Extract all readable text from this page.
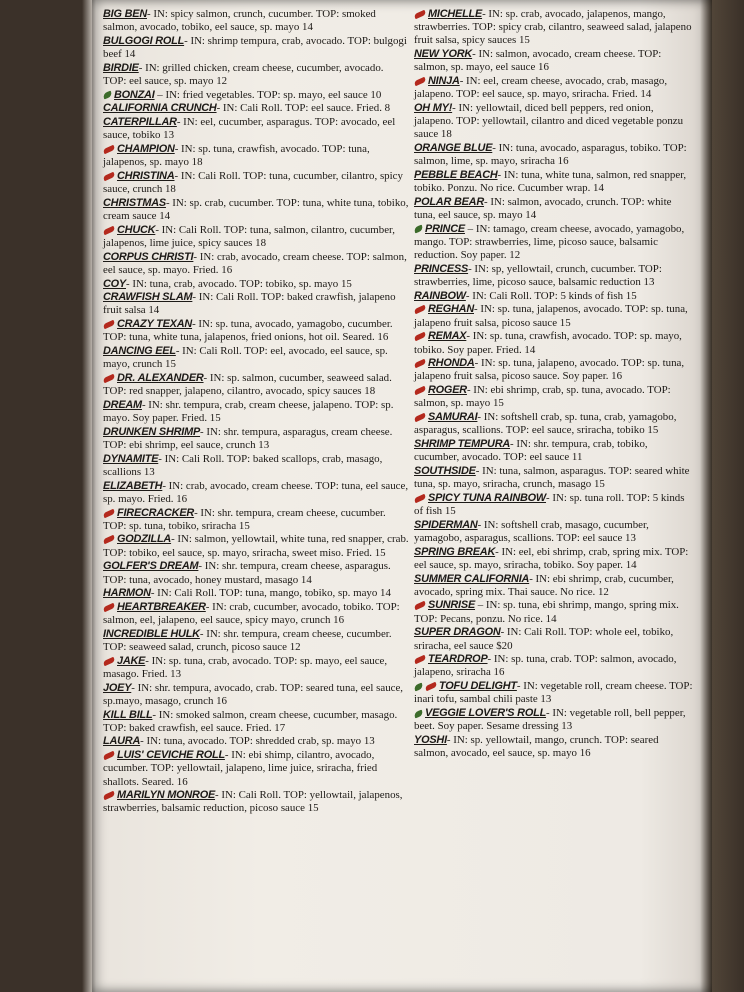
BIG BEN- IN: spicy salmon, crunch, cucumber. TOP: smoked salmon, avocado, tobiko, eel sauce, sp. mayo 14
BULGOGI ROLL- IN: shrimp tempura, crab, avocado. TOP: bulgogi beef 14
BIRDIE- IN: grilled chicken, cream cheese, cucumber, avocado. TOP: eel sauce, sp. mayo 12
BONZAI – IN: fried vegetables. TOP: sp. mayo, eel sauce 10
CALIFORNIA CRUNCH- IN: Cali Roll. TOP: eel sauce. Fried. 8
CATERPILLAR- IN: eel, cucumber, asparagus. TOP: avocado, eel sauce, tobiko 13
CHAMPION- IN: sp. tuna, crawfish, avocado. TOP: tuna, jalapenos, sp. mayo 18
CHRISTINA- IN: Cali Roll. TOP: tuna, cucumber, cilantro, spicy sauce, crunch 18
CHRISTMAS- IN: sp. crab, cucumber. TOP: tuna, white tuna, tobiko, cream sauce 14
CHUCK- IN: Cali Roll. TOP: tuna, salmon, cilantro, cucumber, jalapenos, lime juice, spicy sauces 18
CORPUS CHRISTI- IN: crab, avocado, cream cheese. TOP: salmon, eel sauce, sp. mayo. Fried. 16
COY- IN: tuna, crab, avocado. TOP: tobiko, sp. mayo 15
CRAWFISH SLAM- IN: Cali Roll. TOP: baked crawfish, jalapeno fruit salsa 14
CRAZY TEXAN- IN: sp. tuna, avocado, yamagobo, cucumber. TOP: tuna, white tuna, jalapenos, fried onions, hot oil. Seared. 16
DANCING EEL- IN: Cali Roll. TOP: eel, avocado, eel sauce, sp. mayo, crunch 15
DR. ALEXANDER- IN: sp. salmon, cucumber, seaweed salad. TOP: red snapper, jalapeno, cilantro, avocado, spicy sauces 18
DREAM- IN: shr. tempura, crab, cream cheese, jalapeno. TOP: sp. mayo. Soy paper. Fried. 15
DRUNKEN SHRIMP- IN: shr. tempura, asparagus, cream cheese. TOP: ebi shrimp, eel sauce, crunch 13
DYNAMITE- IN: Cali Roll. TOP: baked scallops, crab, masago, scallions 13
ELIZABETH- IN: crab, avocado, cream cheese. TOP: tuna, eel sauce, sp. mayo. Fried. 16
FIRECRACKER- IN: shr. tempura, cream cheese, cucumber. TOP: sp. tuna, tobiko, sriracha 15
GODZILLA- IN: salmon, yellowtail, white tuna, red snapper, crab. TOP: tobiko, eel sauce, sp. mayo, sriracha, sweet miso. Fried. 15
GOLFER'S DREAM- IN: shr. tempura, cream cheese, asparagus. TOP: tuna, avocado, honey mustard, masago 14
HARMON- IN: Cali Roll. TOP: tuna, mango, tobiko, sp. mayo 14
HEARTBREAKER- IN: crab, cucumber, avocado, tobiko. TOP: salmon, eel, jalapeno, eel sauce, spicy mayo, crunch 16
INCREDIBLE HULK- IN: shr. tempura, cream cheese, cucumber. TOP: seaweed salad, crunch, picoso sauce 12
JAKE- IN: sp. tuna, crab, avocado. TOP: sp. mayo, eel sauce, masago. Fried. 13
JOEY- IN: shr. tempura, avocado, crab. TOP: seared tuna, eel sauce, sp.mayo, masago, crunch 16
KILL BILL- IN: smoked salmon, cream cheese, cucumber, masago. TOP: baked crawfish, eel sauce. Fried. 17
LAURA- IN: tuna, avocado. TOP: shredded crab, sp. mayo 13
LUIS' CEVICHE ROLL- IN: ebi shimp, cilantro, avocado, cucumber. TOP: yellowtail, jalapeno, lime juice, sriracha, fried shallots. Seared. 16
MARILYN MONROE- IN: Cali Roll. TOP: yellowtail, jalapenos, strawberries, balsamic reduction, picoso sauce 15
MICHELLE- IN: sp. crab, avocado, jalapenos, mango, strawberries. TOP: spicy crab, cilantro, seaweed salad, jalapeno fruit salsa, spicy sauces 15
NEW YORK- IN: salmon, avocado, cream cheese. TOP: salmon, sp. mayo, eel sauce 16
NINJA- IN: eel, cream cheese, avocado, crab, masago, jalapeno. TOP: eel sauce, sp. mayo, sriracha. Fried. 14
OH MY!- IN: yellowtail, diced bell peppers, red onion, jalapeno. TOP: yellowtail, cilantro and diced vegetable ponzu sauce 18
ORANGE BLUE- IN: tuna, avocado, asparagus, tobiko. TOP: salmon, lime, sp. mayo, sriracha 16
PEBBLE BEACH- IN: tuna, white tuna, salmon, red snapper, tobiko. Ponzu. No rice. Cucumber wrap. 14
POLAR BEAR- IN: salmon, avocado, crunch. TOP: white tuna, eel sauce, sp. mayo 14
PRINCE – IN: tamago, cream cheese, avocado, yamagobo, mango. TOP: strawberries, lime, picoso sauce, balsamic reduction. Soy paper. 12
PRINCESS- IN: sp, yellowtail, crunch, cucumber. TOP: strawberries, lime, picoso sauce, balsamic reduction 13
RAINBOW- IN: Cali Roll. TOP: 5 kinds of fish 15
REGHAN- IN: sp. tuna, jalapenos, avocado. TOP: sp. tuna, jalapeno fruit salsa, picoso sauce 15
REMAX- IN: sp. tuna, crawfish, avocado. TOP: sp. mayo, tobiko. Soy paper. Fried. 14
RHONDA- IN: sp. tuna, jalapeno, avocado. TOP: sp. tuna, jalapeno fruit salsa, picoso sauce. Soy paper. 16
ROGER- IN: ebi shrimp, crab, sp. tuna, avocado. TOP: salmon, sp. mayo 15
SAMURAI- IN: softshell crab, sp. tuna, crab, yamagobo, asparagus, scallions. TOP: eel sauce, sriracha, tobiko 15
SHRIMP TEMPURA- IN: shr. tempura, crab, tobiko, cucumber, avocado. TOP: eel sauce 11
SOUTHSIDE- IN: tuna, salmon, asparagus. TOP: seared white tuna, sp. mayo, sriracha, crunch, masago 15
SPICY TUNA RAINBOW- IN: sp. tuna roll. TOP: 5 kinds of fish 15
SPIDERMAN- IN: softshell crab, masago, cucumber, yamagobo, asparagus, scallions. TOP: eel sauce 13
SPRING BREAK- IN: eel, ebi shrimp, crab, spring mix. TOP: eel sauce, sp. mayo, sriracha, tobiko. Soy paper. 14
SUMMER CALIFORNIA- IN: ebi shrimp, crab, cucumber, avocado, spring mix. Thai sauce. No rice. 12
SUNRISE – IN: sp. tuna, ebi shrimp, mango, spring mix. TOP: Pecans, ponzu. No rice. 14
SUPER DRAGON- IN: Cali Roll. TOP: whole eel, tobiko, sriracha, eel sauce $20
TEARDROP- IN: sp. tuna, crab. TOP: salmon, avocado, jalapeno, sriracha 16
TOFU DELIGHT- IN: vegetable roll, cream cheese. TOP: inari tofu, sambal chili paste 13
VEGGIE LOVER'S ROLL- IN: vegetable roll, bell pepper, beet. Soy paper. Sesame dressing 13
YOSHI- IN: sp. yellowtail, mango, crunch. TOP: seared salmon, avocado, eel sauce, sp. mayo 16
